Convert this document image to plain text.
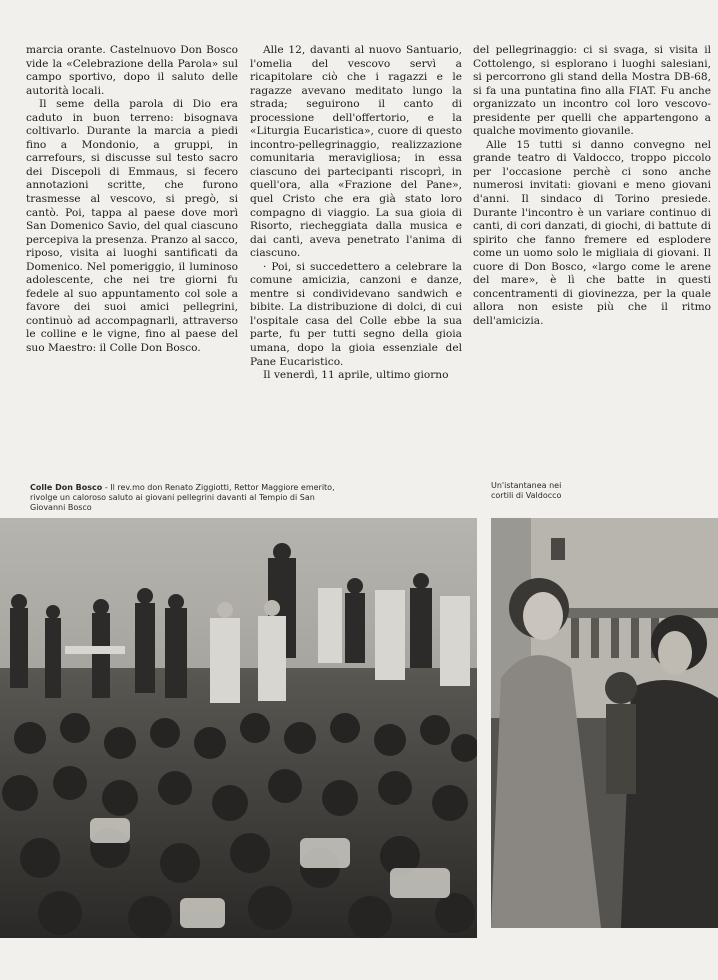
marcia orante. Castelnuovo Don Bosco vide la «Celebrazione della Parola» sul campo sportivo, dopo il saluto delle autorità locali.

Il seme della parola di Dio era caduto in buon terreno: bisognava coltivarlo. Durante la marcia a piedi fino a Mondonio, a gruppi, in carrefours, si discusse sul testo sacro dei Discepoli di Emmaus, si fecero annotazioni scritte, che furono trasmesse al vescovo, si pregò, si cantò. Poi, tappa al paese dove morì San Domenico Savio, del qual ciascuno percepiva la presenza. Pranzo al sacco, riposo, visita ai luoghi santificati da Domenico. Nel pomeriggio, il luminoso adolescente, che nei tre giorni fu fedele al suo appuntamento col sole a favore dei suoi amici pellegrini, continuò ad accompagnarli, attraverso le colline e le vigne, fino al paese del suo Maestro: il Colle Don Bosco.

Alle 12, davanti al nuovo Santuario, l'omelia del vescovo servì a ricapitolare ciò che i ragazzi e le ragazze avevano meditato lungo la strada; seguirono il canto di processione dell'offertorio, e la «Liturgia Eucaristica», cuore di questo incontro-pellegrinaggio, realizzazione comunitaria meravigliosa; in essa ciascuno dei partecipanti riscoprì, in quell'ora, alla «Frazione del Pane», quel Cristo che era già stato loro compagno di viaggio. La sua gioia di Risorto, riecheggiata dalla musica e dai canti, aveva penetrato l'anima di ciascuno.

· Poi, si succedettero a celebrare la comune amicizia, canzoni e danze, mentre si condividevano sandwich e bibite. La distribuzione di dolci, di cui l'ospitale casa del Colle ebbe la sua parte, fu per tutti segno della gioia umana, dopo la gioia essenziale del Pane Eucaristico.

Il venerdì, 11 aprile, ultimo giorno

del pellegrinaggio: ci si svaga, si visita il Cottolengo, si esplorano i luoghi salesiani, si percorrono gli stand della Mostra DB-68, si fa una puntatina fino alla FIAT. Fu anche organizzato un incontro col loro vescovo-presidente per quelli che appartengono a qualche movimento giovanile.

Alle 15 tutti si danno convegno nel grande teatro di Valdocco, troppo piccolo per l'occasione perchè ci sono anche numerosi invitati: giovani e meno giovani d'anni. Il sindaco di Torino presiede. Durante l'incontro è un variare continuo di canti, di cori danzati, di giochi, di battute di spirito che fanno fremere ed esplodere come un uomo solo le migliaia di giovani. Il cuore di Don Bosco, «largo come le arene del mare», è lì che batte in questi concentramenti di giovinezza, per la quale allora non esiste più che il ritmo dell'amicizia.

Colle Don Bosco - Il rev.mo don Renato Ziggiotti, Rettor Maggiore emerito, rivolge un caloroso saluto ai giovani pellegrini davanti al Tempio di San Giovanni Bosco
Un'istantanea nei cortili di Valdocco
